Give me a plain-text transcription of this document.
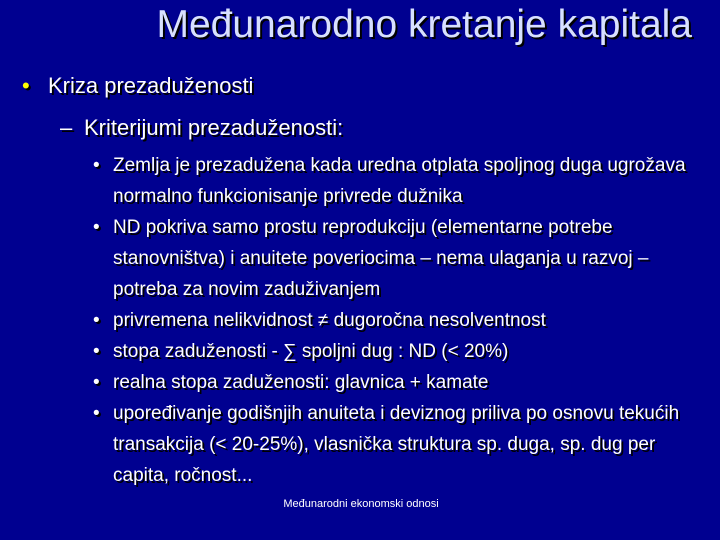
Međunarodno kretanje kapitala
• Kriza prezaduženosti
– Kriterijumi prezaduženosti:
• Zemlja je prezadužena kada uredna otplata spoljnog duga ugrožava normalno funkcionisanje privrede dužnika
• ND pokriva samo prostu reprodukciju (elementarne potrebe stanovništva) i anuitete poveriocima – nema ulaganja u razvoj – potreba za novim zaduživanjem
• privremena nelikvidnost ≠ dugoročna nesolventnost
• stopa zaduženosti - ∑ spoljni dug : ND (< 20%)
• realna stopa zaduženosti: glavnica + kamate
• upoređivanje godišnjih anuiteta i deviznog priliva po osnovu tekućih transakcija (< 20-25%), vlasnička struktura sp. duga, sp. dug per capita, ročnost...
Međunarodni ekonomski odnosi
